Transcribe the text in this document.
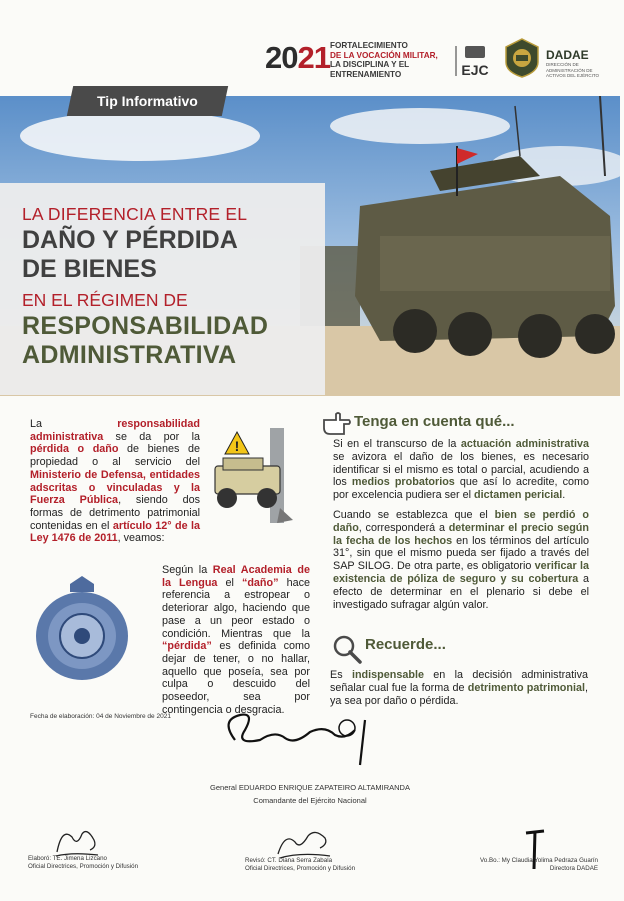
2021 FORTALECIMIENTO
DE LA VOCACIÓN MILITAR,
LA DISCIPLINA Y EL ENTRENAMIENTO	EJC
DADAE
DIRECCIÓN DE ADMINISTRACIÓN DE ACTIVOS DEL EJÉRCITO
Tip Informativo
LA DIFERENCIA ENTRE EL
DAÑO Y PÉRDIDA
DE BIENES
EN EL RÉGIMEN DE
RESPONSABILIDAD
ADMINISTRATIVA
La responsabilidad administrativa se da por la pérdida o daño de bienes de propiedad o al servicio del Ministerio de Defensa, entidades adscritas o vinculadas y la Fuerza Pública, siendo dos formas de detrimento patrimonial contenidas en el artículo 12° de la Ley 1476 de 2011, veamos:
!
Según la Real Academia de la Lengua el “daño” hace referencia a estropear o deteriorar algo, haciendo que pase a un peor estado o condición. Mientras que la “pérdida” es definida como dejar de tener, o no hallar, aquello que poseía, sea por culpa o descuido del poseedor, sea por contingencia o desgracia.
Tenga en cuenta qué...

Si en el transcurso de la actuación administrativa se avizora el daño de los bienes, es necesario identificar si el mismo es total o parcial, acudiendo a los medios probatorios que así lo acredite, como por excelencia pudiera ser el dictamen pericial.

Cuando se establezca que el bien se perdió o daño, corresponderá a determinar el precio según la fecha de los hechos en los términos del artículo 31°, sin que el mismo pueda ser fijado a través del SAP SILOG. De otra parte, es obligatorio verificar la existencia de póliza de seguro y su cobertura a efecto de determinar en el plenario si debe el investigado sufragar algún valor.

Recuerde...
Es indispensable en la decisión administrativa señalar cual fue la forma de detrimento patrimonial, ya sea por daño o pérdida.
Fecha de elaboración: 04 de Noviembre de 2021
General EDUARDO ENRIQUE ZAPATEIRO ALTAMIRANDA
Comandante del Ejército Nacional
Elaboró: TE. Jimena Lizcano
Oficial Directrices, Promoción y Difusión
Revisó: CT. Diana Serra Zabala
Oficial Directrices, Promoción y Difusión
Vo.Bo.: My Claudia Yolima Pedraza Guarín
Directora DADAE
